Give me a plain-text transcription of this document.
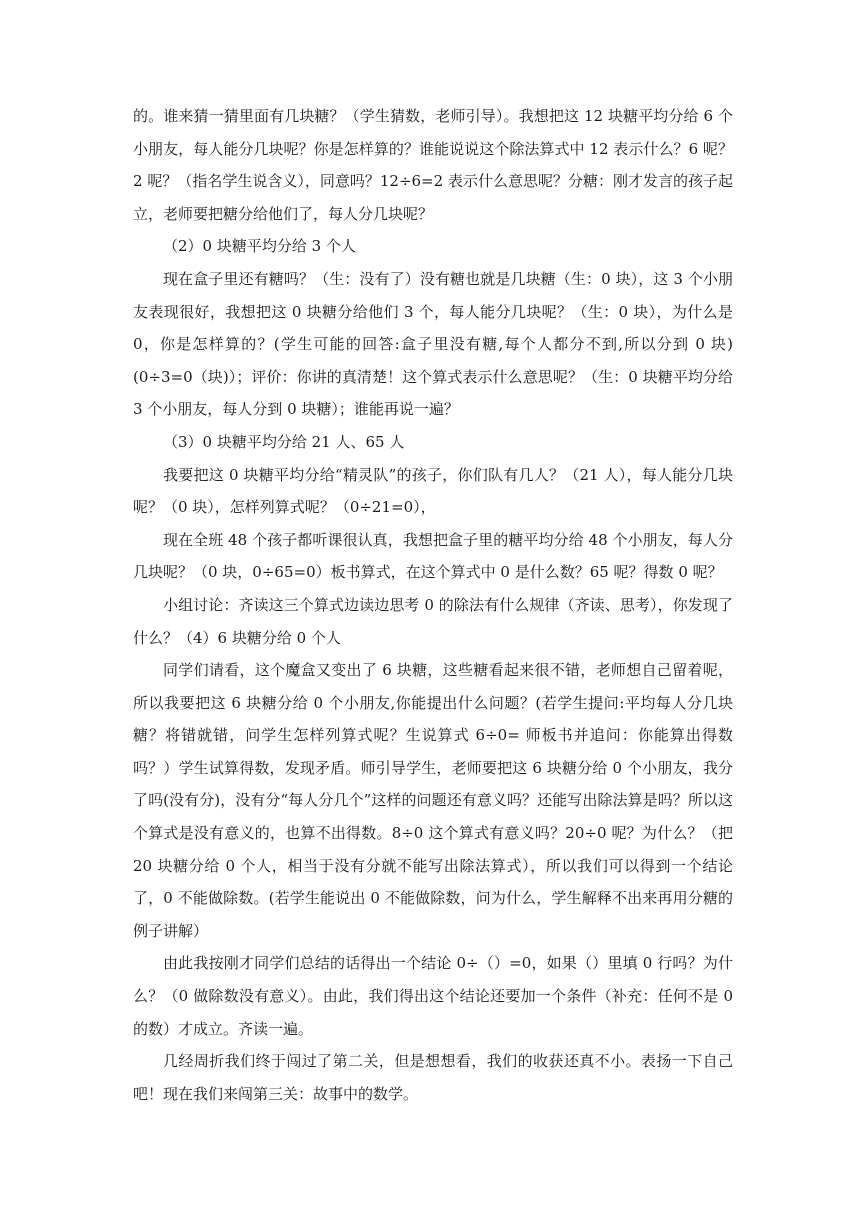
的。谁来猜一猜里面有几块糖？（学生猜数，老师引导）。我想把这 12 块糖平均分给 6 个小朋友，每人能分几块呢？你是怎样算的？谁能说说这个除法算式中 12 表示什么？6 呢？2 呢？（指名学生说含义），同意吗？12÷6=2 表示什么意思呢？分糖：刚才发言的孩子起立，老师要把糖分给他们了，每人分几块呢？

（2）0 块糖平均分给 3 个人

现在盒子里还有糖吗？（生：没有了）没有糖也就是几块糖（生：0 块），这 3 个小朋友表现很好，我想把这 0 块糖分给他们 3 个，每人能分几块呢？（生：0 块），为什么是 0，你是怎样算的？(学生可能的回答:盒子里没有糖,每个人都分不到,所以分到 0 块)(0÷3=0（块)）；评价：你讲的真清楚！这个算式表示什么意思呢？（生：0 块糖平均分给 3 个小朋友，每人分到 0 块糖）；谁能再说一遍？

（3）0 块糖平均分给 21 人、65 人

我要把这 0 块糖平均分给“精灵队”的孩子，你们队有几人？（21 人），每人能分几块呢？（0 块），怎样列算式呢？（0÷21=0），

现在全班 48 个孩子都听课很认真，我想把盒子里的糖平均分给 48 个小朋友，每人分几块呢？（0 块，0÷65=0）板书算式，在这个算式中 0 是什么数？65 呢？得数 0 呢？

小组讨论：齐读这三个算式边读边思考 0 的除法有什么规律（齐读、思考），你发现了什么？（4）6 块糖分给 0 个人

同学们请看，这个魔盒又变出了 6 块糖，这些糖看起来很不错，老师想自己留着呢，所以我要把这 6 块糖分给 0 个小朋友,你能提出什么问题？(若学生提问:平均每人分几块糖？将错就错，问学生怎样列算式呢？生说算式 6÷0= 师板书并追问：你能算出得数吗？）学生试算得数，发现矛盾。师引导学生，老师要把这 6 块糖分给 0 个小朋友，我分了吗(没有分)，没有分“每人分几个”这样的问题还有意义吗？还能写出除法算是吗？所以这个算式是没有意义的，也算不出得数。8÷0 这个算式有意义吗？20÷0 呢？为什么？（把 20 块糖分给 0 个人，相当于没有分就不能写出除法算式），所以我们可以得到一个结论了，0 不能做除数。(若学生能说出 0 不能做除数，问为什么，学生解释不出来再用分糖的例子讲解）

由此我按刚才同学们总结的话得出一个结论 0÷（）=0，如果（）里填 0 行吗？为什么？（0 做除数没有意义）。由此，我们得出这个结论还要加一个条件（补充：任何不是 0 的数）才成立。齐读一遍。

几经周折我们终于闯过了第二关，但是想想看，我们的收获还真不小。表扬一下自己吧！现在我们来闯第三关：故事中的数学。
